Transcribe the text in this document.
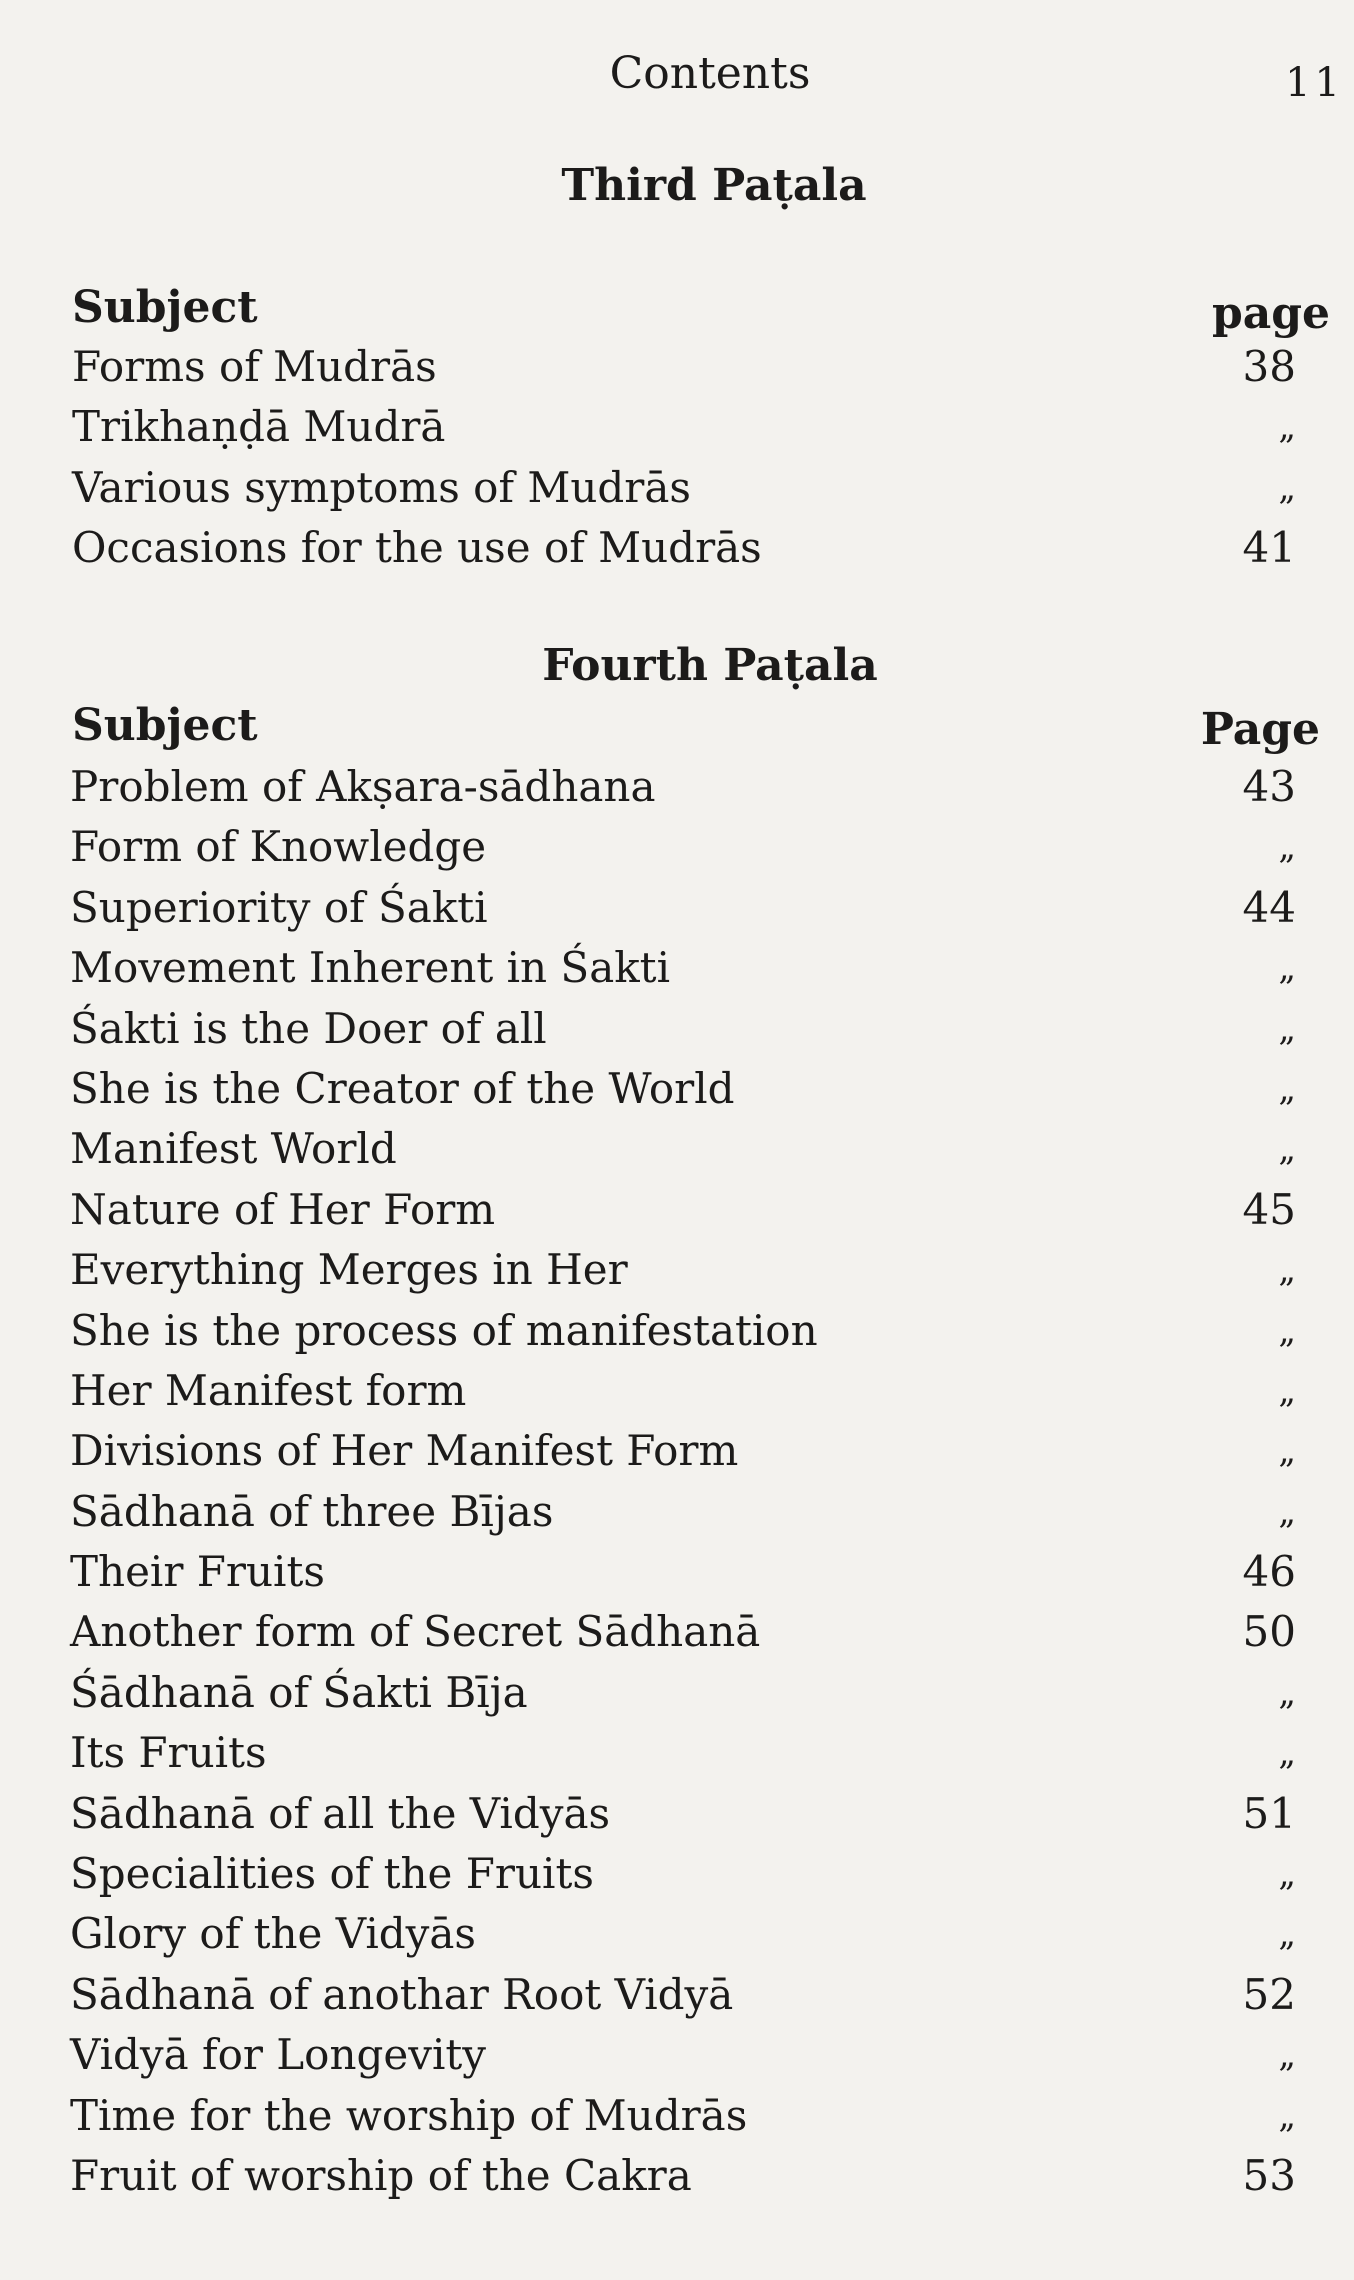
Contents	11
Third Paṭala
Subject	page
Forms of Mudrās	38
Trikhaṇḍā Mudrā	„
Various symptoms of Mudrās	„
Occasions for the use of Mudrās	41
Fourth Paṭala
Subject	Page
Problem of Akṣara-sādhana	43
Form of Knowledge	„
Superiority of Śakti	44
Movement Inherent in Śakti	„
Śakti is the Doer of all	„
She is the Creator of the World	„
Manifest World	„
Nature of Her Form	45
Everything Merges in Her	„
She is the process of manifestation	„
Her Manifest form	„
Divisions of Her Manifest Form	„
Sādhanā of three Bījas	„
Their Fruits	46
Another form of Secret Sādhanā	50
Śādhanā of Śakti Bīja	„
Its Fruits	„
Sādhanā of all the Vidyās	51
Specialities of the Fruits	„
Glory of the Vidyās	„
Sādhanā of anothar Root Vidyā	52
Vidyā for Longevity	„
Time for the worship of Mudrās	„
Fruit of worship of the Cakra	53
